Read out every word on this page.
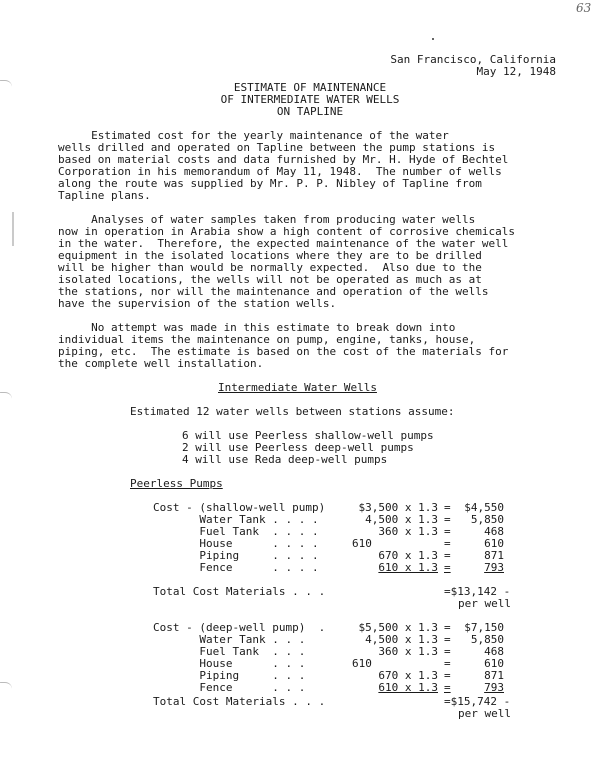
63
San Francisco, California
May 12, 1948
ESTIMATE OF MAINTENANCE
OF INTERMEDIATE WATER WELLS
ON TAPLINE
Estimated cost for the yearly maintenance of the water
wells drilled and operated on Tapline between the pump stations is
based on material costs and data furnished by Mr. H. Hyde of Bechtel
Corporation in his memorandum of May 11, 1948.  The number of wells
along the route was supplied by Mr. P. P. Nibley of Tapline from
Tapline plans.
Analyses of water samples taken from producing water wells
now in operation in Arabia show a high content of corrosive chemicals
in the water.  Therefore, the expected maintenance of the water well
equipment in the isolated locations where they are to be drilled
will be higher than would be normally expected.  Also due to the
isolated locations, the wells will not be operated as much as at
the stations, nor will the maintenance and operation of the wells
have the supervision of the station wells.
No attempt was made in this estimate to break down into
individual items the maintenance on pump, engine, tanks, house,
piping, etc.  The estimate is based on the cost of the materials for
the complete well installation.
Intermediate Water Wells
Estimated 12 water wells between stations assume:
6 will use Peerless shallow-well pumps
2 will use Peerless deep-well pumps
4 will use Reda deep-well pumps
Peerless Pumps
Cost - (shallow-well pump)	$3,500 x 1.3 =	$4,550
Water Tank . . . .	4,500 x 1.3 =	5,850
Fuel Tank  . . . .	360 x 1.3 =	468
House      . . . .	610	=	610
Piping     . . . .	670 x 1.3 =	871
Fence      . . . .	610 x 1.3 =	793
Total Cost Materials . . .	=$13,142 -
per well
Cost - (deep-well pump)  .	$5,500 x 1.3 =	$7,150
Water Tank . . .	4,500 x 1.3 =	5,850
Fuel Tank  . . .	360 x 1.3 =	468
House      . . .	610	=	610
Piping     . . .	670 x 1.3 =	871
Fence      . . .	610 x 1.3 =	793
Total Cost Materials . . .	=$15,742 -
per well
